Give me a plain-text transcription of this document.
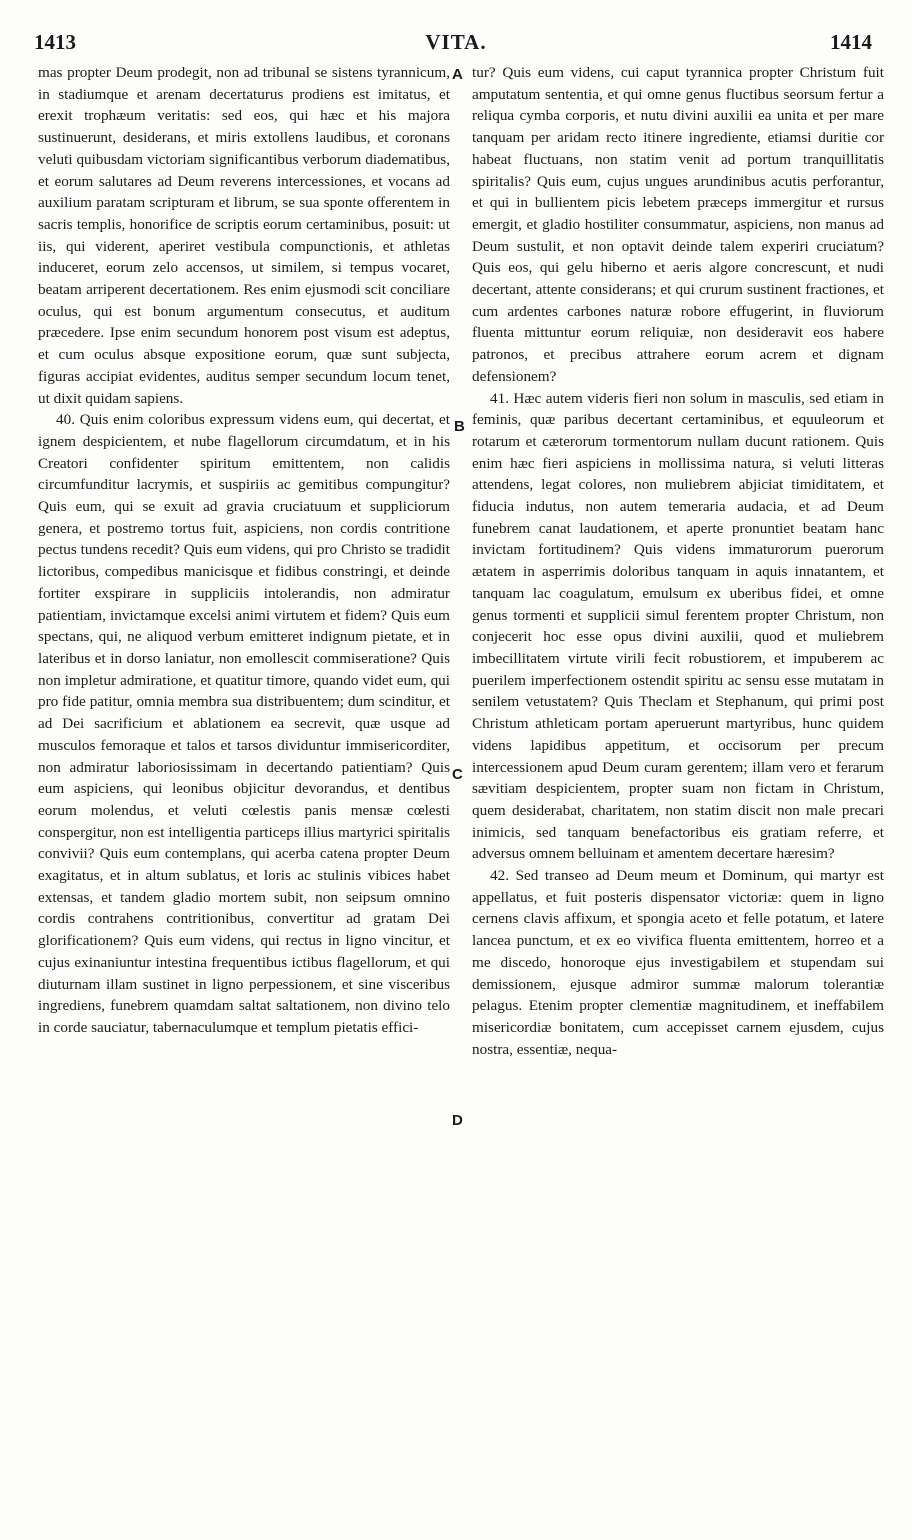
1413	VITA.	1414
A
B
C
D

mas propter Deum prodegit, non ad tribunal se sistens tyrannicum, in stadiumque et arenam decertaturus prodiens est imitatus, et erexit trophæum veritatis: sed eos, qui hæc et his majora sustinuerunt, desiderans, et miris extollens laudibus, et coronans veluti quibusdam victoriam significantibus verborum diadematibus, et eorum salutares ad Deum reverens intercessiones, et vocans ad auxilium paratam scripturam et librum, se sua sponte offerentem in sacris templis, honorifice de scriptis eorum certaminibus, posuit: ut iis, qui viderent, aperiret vestibula compunctionis, et athletas induceret, eorum zelo accensos, ut similem, si tempus vocaret, beatam arriperent decertationem. Res enim ejusmodi scit conciliare oculus, qui est bonum argumentum consecutus, et auditum præcedere. Ipse enim secundum honorem post visum est adeptus, et cum oculus absque expositione eorum, quæ sunt subjecta, figuras accipiat evidentes, auditus semper secundum locum tenet, ut dixit quidam sapiens.

40. Quis enim coloribus expressum videns eum, qui decertat, et ignem despicientem, et nube flagellorum circumdatum, et in his Creatori confidenter spiritum emittentem, non calidis circumfunditur lacrymis, et suspiriis ac gemitibus compungitur? Quis eum, qui se exuit ad gravia cruciatuum et suppliciorum genera, et postremo tortus fuit, aspiciens, non cordis contritione pectus tundens recedit? Quis eum videns, qui pro Christo se tradidit lictoribus, compedibus manicisque et fidibus constringi, et deinde fortiter exspirare in suppliciis intolerandis, non admiratur patientiam, invictamque excelsi animi virtutem et fidem? Quis eum spectans, qui, ne aliquod verbum emitteret indignum pietate, et in lateribus et in dorso laniatur, non emollescit commiseratione? Quis non impletur admiratione, et quatitur timore, quando videt eum, qui pro fide patitur, omnia membra sua distribuentem; dum scinditur, et ad Dei sacrificium et ablationem ea secrevit, quæ usque ad musculos femoraque et talos et tarsos dividuntur immisericorditer, non admiratur laboriosissimam in decertando patientiam? Quis eum aspiciens, qui leonibus objicitur devorandus, et dentibus eorum molendus, et veluti cœlestis panis mensæ cœlesti conspergitur, non est intelligentia particeps illius martyrici spiritalis convivii? Quis eum contemplans, qui acerba catena propter Deum exagitatus, et in altum sublatus, et loris ac stulinis vibices habet extensas, et tandem gladio mortem subit, non seipsum omnino cordis contrahens contritionibus, convertitur ad gratam Dei glorificationem? Quis eum videns, qui rectus in ligno vincitur, et cujus exinaniuntur intestina frequentibus ictibus flagellorum, et qui diuturnam illam sustinet in ligno perpessionem, et sine visceribus ingrediens, funebrem quamdam saltat saltationem, non divino telo in corde sauciatur, tabernaculumque et templum pietatis effici-

tur? Quis eum videns, cui caput tyrannica propter Christum fuit amputatum sententia, et qui omne genus fluctibus seorsum fertur a reliqua cymba corporis, et nutu divini auxilii ea unita et per mare tanquam per aridam recto itinere ingrediente, etiamsi duritie cor habeat fluctuans, non statim venit ad portum tranquillitatis spiritalis? Quis eum, cujus ungues arundinibus acutis perforantur, et qui in bullientem picis lebetem præceps immergitur et rursus emergit, et gladio hostiliter consummatur, aspiciens, non manus ad Deum sustulit, et non optavit deinde talem experiri cruciatum? Quis eos, qui gelu hiberno et aeris algore concrescunt, et nudi decertant, attente considerans; et qui crurum sustinent fractiones, et cum ardentes carbones naturæ robore effugerint, in fluviorum fluenta mittuntur eorum reliquiæ, non desideravit eos habere patronos, et precibus attrahere eorum acrem et dignam defensionem?

41. Hæc autem videris fieri non solum in masculis, sed etiam in feminis, quæ paribus decertant certaminibus, et equuleorum et rotarum et cæterorum tormentorum nullam ducunt rationem. Quis enim hæc fieri aspiciens in mollissima natura, si veluti litteras attendens, legat colores, non muliebrem abjiciat timiditatem, et fiducia indutus, non autem temeraria audacia, et ad Deum funebrem canat laudationem, et aperte pronuntiet beatam hanc invictam fortitudinem? Quis videns immaturorum puerorum ætatem in asperrimis doloribus tanquam in aquis innatantem, et tanquam lac coagulatum, emulsum ex uberibus fidei, et omne genus tormenti et supplicii simul ferentem propter Christum, non conjecerit hoc esse opus divini auxilii, quod et muliebrem imbecillitatem virtute virili fecit robustiorem, et impuberem ac puerilem imperfectionem ostendit spiritu ac sensu esse mutatam in senilem vetustatem? Quis Theclam et Stephanum, qui primi post Christum athleticam portam aperuerunt martyribus, hunc quidem videns lapidibus appetitum, et occisorum per precum intercessionem apud Deum curam gerentem; illam vero et ferarum sævitiam despicientem, propter suam non fictam in Christum, quem desiderabat, charitatem, non statim discit non male precari inimicis, sed tanquam benefactoribus eis gratiam referre, et adversus omnem belluinam et amentem decertare hæresim?

42. Sed transeo ad Deum meum et Dominum, qui martyr est appellatus, et fuit posteris dispensator victoriæ: quem in ligno cernens clavis affixum, et spongia aceto et felle potatum, et latere lancea punctum, et ex eo vivifica fluenta emittentem, horreo et a me discedo, honoroque ejus investigabilem et stupendam sui demissionem, ejusque admiror summæ malorum tolerantiæ pelagus. Etenim propter clementiæ magnitudinem, et ineffabilem misericordiæ bonitatem, cum accepisset carnem ejusdem, cujus nostra, essentiæ, nequa-
